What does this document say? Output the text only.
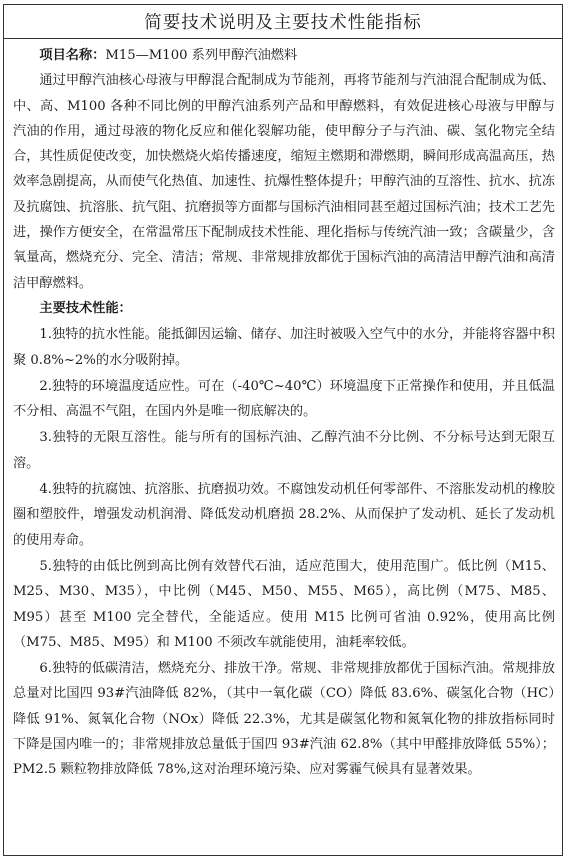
简要技术说明及主要技术性能指标

项目名称：M15—M100 系列甲醇汽油燃料

通过甲醇汽油核心母液与甲醇混合配制成为节能剂，再将节能剂与汽油混合配制成为低、中、高、M100 各种不同比例的甲醇汽油系列产品和甲醇燃料，有效促进核心母液与甲醇与汽油的作用，通过母液的物化反应和催化裂解功能，使甲醇分子与汽油、碳、氢化物完全结合，其性质促使改变，加快燃烧火焰传播速度，缩短主燃期和滞燃期，瞬间形成高温高压，热效率急剧提高，从而使气化热值、加速性、抗爆性整体提升；甲醇汽油的互溶性、抗水、抗冻及抗腐蚀、抗溶胀、抗气阻、抗磨损等方面都与国标汽油相同甚至超过国标汽油；技术工艺先进，操作方便安全，在常温常压下配制成技术性能、理化指标与传统汽油一致；含碳量少，含氧量高，燃烧充分、完全、清洁；常规、非常规排放都优于国标汽油的高清洁甲醇汽油和高清洁甲醇燃料。

主要技术性能：

1.独特的抗水性能。能抵御因运输、储存、加注时被吸入空气中的水分，并能将容器中积聚 0.8%~2%的水分吸附掉。

2.独特的环境温度适应性。可在（-40℃~40℃）环境温度下正常操作和使用，并且低温不分相、高温不气阻，在国内外是唯一彻底解决的。

3.独特的无限互溶性。能与所有的国标汽油、乙醇汽油不分比例、不分标号达到无限互溶。

4.独特的抗腐蚀、抗溶胀、抗磨损功效。不腐蚀发动机任何零部件、不溶胀发动机的橡胶圈和塑胶件，增强发动机润滑、降低发动机磨损 28.2%、从而保护了发动机、延长了发动机的使用寿命。

5.独特的由低比例到高比例有效替代石油，适应范围大，使用范围广。低比例（M15、M25、M30、M35），中比例（M45、M50、M55、M65），高比例（M75、M85、M95）甚至 M100 完全替代，全能适应。使用 M15 比例可省油 0.92%，使用高比例（M75、M85、M95）和 M100 不须改车就能使用，油耗率较低。

6.独特的低碳清洁，燃烧充分、排放干净。常规、非常规排放都优于国标汽油。常规排放总量对比国四 93#汽油降低 82%，（其中一氧化碳（CO）降低 83.6%、碳氢化合物（HC）降低 91%、氮氧化合物（NOx）降低 22.3%，尤其是碳氢化物和氮氧化物的排放指标同时下降是国内唯一的；非常规排放总量低于国四 93#汽油 62.8%（其中甲醛排放降低 55%）；PM2.5 颗粒物排放降低 78%,这对治理环境污染、应对雾霾气候具有显著效果。
